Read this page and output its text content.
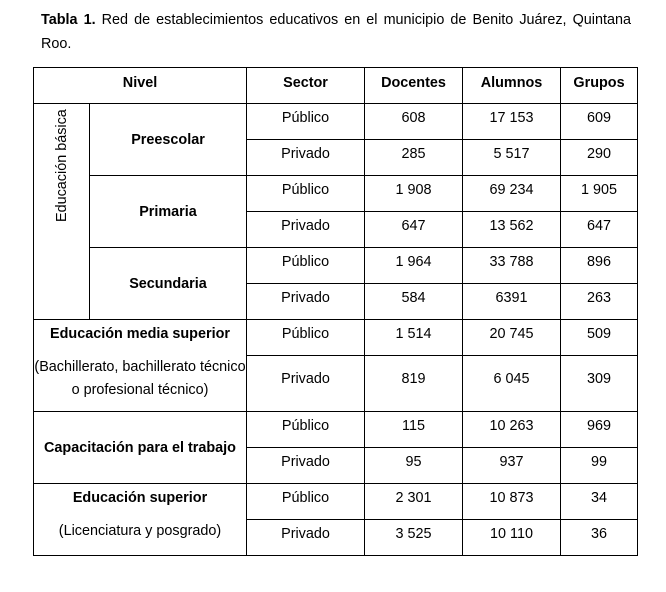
Tabla 1. Red de establecimientos educativos en el municipio de Benito Juárez, Quintana Roo.
Nivel		Sector	Docentes	Alumnos	Grupos

Educación básica	Preescolar	Público	608	17 153	609
		Privado	285	5 517	290
	Primaria	Público	1 908	69 234	1 905
		Privado	647	13 562	647
	Secundaria	Público	1 964	33 788	896
		Privado	584	6391	263

Educación media superior
(Bachillerato, bachillerato técnico o profesional técnico)		Público	1 514	20 745	509
		Privado	819	6 045	309
Capacitación para el trabajo		Público	115	10 263	969
		Privado	95	937	99

Educación superior
(Licenciatura y posgrado)		Público	2 301	10 873	34
		Privado	3 525	10 110	36
